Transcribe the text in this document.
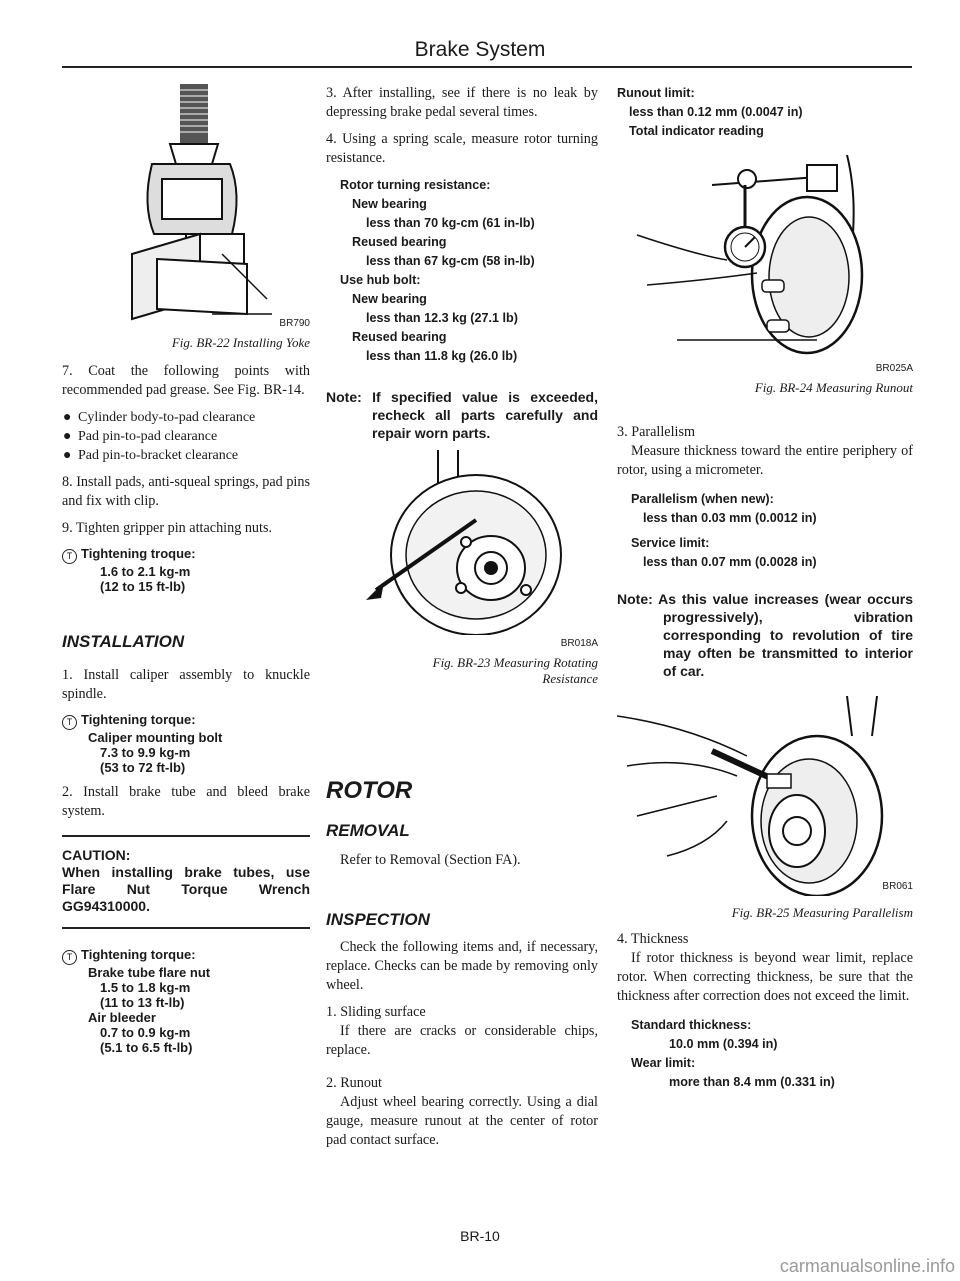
Brake System
BR790
Fig. BR-22 Installing Yoke

7. Coat the following points with recommended pad grease. See Fig. BR-14.

● Cylinder body-to-pad clearance
● Pad pin-to-pad clearance
● Pad pin-to-bracket clearance

8. Install pads, anti-squeal springs, pad pins and fix with clip.

9. Tighten gripper pin attaching nuts.

T Tightening troque:
1.6 to 2.1 kg-m
(12 to 15 ft-lb)
INSTALLATION

1. Install caliper assembly to knuckle spindle.

T Tightening torque:
Caliper mounting bolt
7.3 to 9.9 kg-m
(53 to 72 ft-lb)

2. Install brake tube and bleed brake system.

CAUTION:
When installing brake tubes, use Flare Nut Torque Wrench GG94310000.
T Tightening torque:
Brake tube flare nut
1.5 to 1.8 kg-m
(11 to 13 ft-lb)
Air bleeder
0.7 to 0.9 kg-m
(5.1 to 6.5 ft-lb)

3. After installing, see if there is no leak by depressing brake pedal several times.

4. Using a spring scale, measure rotor turning resistance.

Rotor turning resistance:
New bearing
less than 70 kg-cm (61 in-lb)
Reused bearing
less than 67 kg-cm (58 in-lb)
Use hub bolt:
New bearing
less than 12.3 kg (27.1 lb)
Reused bearing
less than 11.8 kg (26.0 lb)
Note: If specified value is exceeded, recheck all parts carefully and repair worn parts.
BR018A
Fig. BR-23 Measuring Rotating
Resistance
ROTOR
REMOVAL

Refer to Removal (Section FA).

INSPECTION

Check the following items and, if necessary, replace. Checks can be made by removing only wheel.

1. Sliding surface

If there are cracks or considerable chips, replace.

2. Runout

Adjust wheel bearing correctly. Using a dial gauge, measure runout at the center of rotor pad contact surface.

Runout limit:
less than 0.12 mm (0.0047 in)
Total indicator reading
BR025A
Fig. BR-24 Measuring Runout

3. Parallelism

Measure thickness toward the entire periphery of rotor, using a micrometer.

Parallelism (when new):
less than 0.03 mm (0.0012 in)
Service limit:
less than 0.07 mm (0.0028 in)
Note: As this value increases (wear occurs progressively), vibration corresponding to revolution of tire may often be transmitted to interior of car.
BR061
Fig. BR-25 Measuring Parallelism

4. Thickness

If rotor thickness is beyond wear limit, replace rotor. When correcting thickness, be sure that the thickness after correction does not exceed the limit.

Standard thickness:
10.0 mm (0.394 in)
Wear limit:
more than 8.4 mm (0.331 in)
BR-10
carmanualsonline.info
